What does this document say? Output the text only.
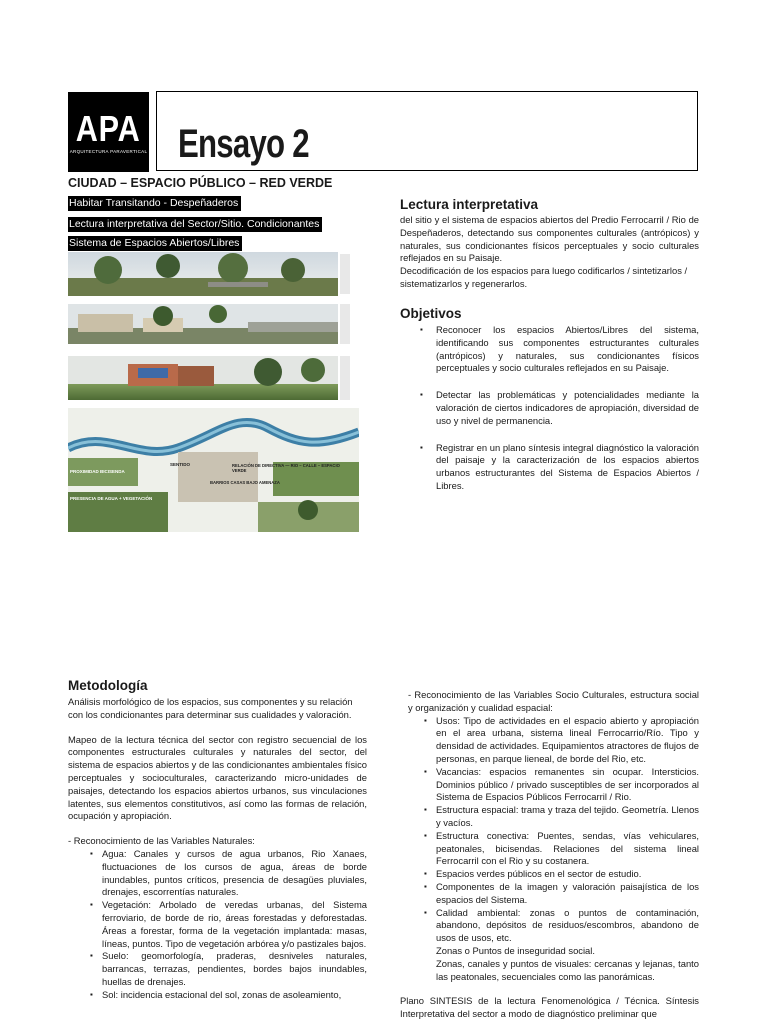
APA
ARQUITECTURA PARAVERTICAL Ensayo 2
CIUDAD – ESPACIO PÚBLICO – RED VERDE
Habitar Transitando - Despeñaderos
Lectura interpretativa del Sector/Sitio. Condicionantes
Sistema de Espacios Abiertos/Libres
PROXIMIDAD BICISENDA
SENTIDO	RELACIÓN DE DIRECTIVA — RIO – CALLE – ESPACIO VERDE
BARRIOS CASAS BAJO AMENAZA
PRESENCIA DE AGUA + VEGETACIÓN
Lectura interpretativa
del sitio y el sistema de espacios abiertos del Predio Ferrocarril / Rio de Despeñaderos, detectando sus componentes culturales (antrópicos) y naturales, sus condicionantes físicos perceptuales y socio culturales reflejados en su Paisaje.
Decodificación de los espacios para luego codificarlos / sintetizarlos / sistematizarlos y regenerarlos.
Objetivos
▪ Reconocer los espacios Abiertos/Libres del sistema, identificando sus componentes estructurantes culturales (antrópicos) y naturales, sus condicionantes físicos perceptuales y socio culturales reflejados en su Paisaje.
▪ Detectar las problemáticas y potencialidades mediante la valoración de ciertos indicadores de apropiación, diversidad de uso y nivel de permanencia.
▪ Registrar en un plano síntesis integral diagnóstico la valoración del paisaje y la caracterización de los espacios abiertos urbanos estructurantes del Sistema de Espacios Abiertos / Libres.
Metodología
Análisis morfológico de los espacios, sus componentes y su relación con los condicionantes para determinar sus cualidades y valoración.
Mapeo de la lectura técnica del sector con registro secuencial de los componentes estructurales culturales y naturales del sector, del sistema de espacios abiertos y de las condicionantes ambientales físico perceptuales y socioculturales, caracterizando micro-unidades de paisajes, detectando los espacios abiertos urbanos, sus vinculaciones latentes, sus elementos constitutivos, así como las formas de relación, ocupación y apropiación.
- Reconocimiento de las Variables Naturales:
▪ Agua: Canales y cursos de agua urbanos, Rio Xanaes, fluctuaciones de los cursos de agua, áreas de borde inundables, puntos críticos, presencia de desagües pluviales, drenajes, escorrentías naturales.
▪ Vegetación: Arbolado de veredas urbanas, del Sistema ferroviario, de borde de rio, áreas forestadas y deforestadas. Áreas a forestar, forma de la vegetación implantada: masas, líneas, puntos. Tipo de vegetación arbórea y/o pastizales bajos.
▪ Suelo: geomorfología, praderas, desniveles naturales, barrancas, terrazas, pendientes, bordes bajos inundables, huellas de drenajes.
▪ Sol: incidencia estacional del sol, zonas de asoleamiento,
- Reconocimiento de las Variables Socio Culturales, estructura social y organización y cualidad espacial:
▪ Usos: Tipo de actividades en el espacio abierto y apropiación en el area urbana, sistema lineal Ferrocarrio/Río. Tipo y densidad de actividades. Equipamientos atractores de flujos de personas, en parque lieneal, de borde del Rio, etc.
▪ Vacancias: espacios remanentes sin ocupar. Intersticios. Dominios público / privado susceptibles de ser incorporados al Sistema de Espacios Públicos Ferrocarril / Rio.
▪ Estructura espacial: trama y traza del tejido. Geometría. Llenos y vacíos.
▪ Estructura conectiva: Puentes, sendas, vías vehiculares, peatonales, bicisendas. Relaciones del sistema lineal Ferrocarril con el Rio y su costanera.
▪ Espacios verdes públicos en el sector de estudio.
▪ Componentes de la imagen y valoración paisajística de los espacios del Sistema.
▪ Calidad ambiental: zonas o puntos de contaminación, abandono, depósitos de residuos/escombros, abandono de usos de usos, etc.
Zonas o Puntos de inseguridad social.
Zonas, canales y puntos de visuales: cercanas y lejanas, tanto las peatonales, secuenciales como las panorámicas.
Plano SINTESIS de la lectura Fenomenológica / Técnica. Síntesis Interpretativa del sector a modo de diagnóstico preliminar que
